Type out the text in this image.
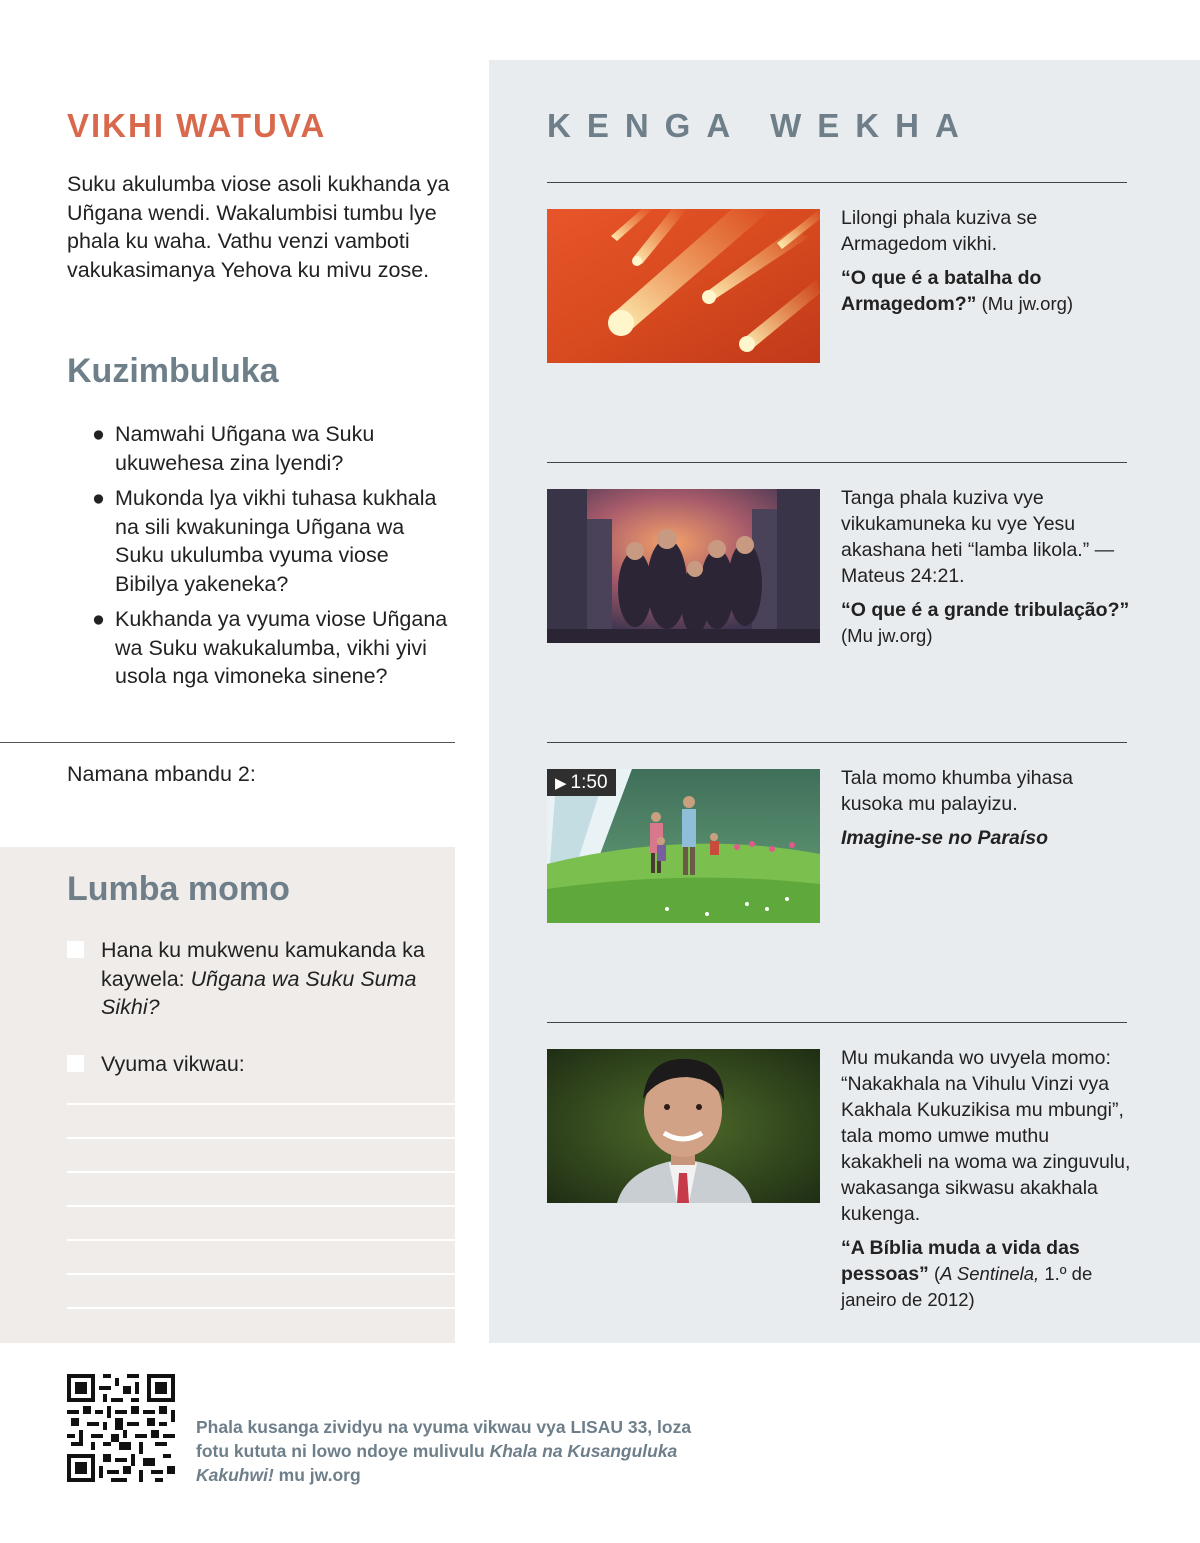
VIKHI WATUVA

Suku akulumba viose asoli kukhanda ya Uñgana wendi. Wakalumbisi tumbu lye phala ku waha. Vathu venzi vamboti vakukasimanya Yehova ku mivu zose.

Kuzimbuluka
● Namwahi Uñgana wa Suku ukuwehesa zina lyendi?
● Mukonda lya vikhi tuhasa kukhala na sili kwakuninga Uñgana wa Suku ukulumba vyuma viose Bibilya yakeneka?
● Kukhanda ya vyuma viose Uñgana wa Suku wakukalumba, vikhi yivi usola nga vimoneka sinene?

Namana mbandu 2:

Lumba momo
Hana ku mukwenu kamukanda ka kaywela: Uñgana wa Suku Suma Sikhi?
Vyuma vikwau:
KENGA WEKHA

Lilongi phala kuziva se Armagedom vikhi.

“O que é a batalha do Armagedom?” (Mu jw.org)

Tanga phala kuziva vye vikukamuneka ku vye Yesu akashana heti “lamba likola.” —Mateus 24:21.

“O que é a grande tribulação?” (Mu jw.org)

▶ 1:50	Tala momo khumba yihasa kusoka mu palayizu.

Imagine-se no Paraíso

Mu mukanda wo uvyela momo: “Nakakhala na Vihulu Vinzi vya Kakhala Kukuzikisa mu mbungi”, tala momo umwe muthu kakakheli na woma wa zinguvulu, wakasanga sikwasu akakhala kukenga.

“A Bíblia muda a vida das pessoas” (A Sentinela, 1.º de janeiro de 2012)

Phala kusanga zividyu na vyuma vikwau vya LISAU 33, loza fotu kututa ni lowo ndoye mulivulu Khala na Kusanguluka Kakuhwi! mu jw.org
